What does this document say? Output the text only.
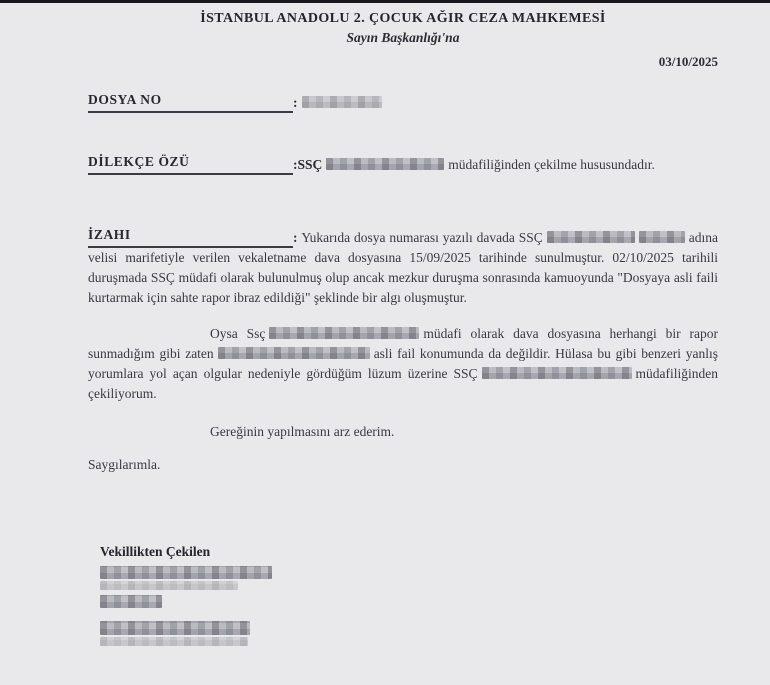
İSTANBUL ANADOLU 2. ÇOCUK AĞIR CEZA MAHKEMESİ
Sayın Başkanlığı'na
03/10/2025
DOSYA NO	:
DİLEKÇE ÖZÜ	:SSÇ	müdafiliğinden çekilme hususundadır.

İZAHI	: Yukarıda dosya numarası yazılı davada SSÇ	adına velisi marifetiyle verilen vekaletname dava dosyasına 15/09/2025 tarihinde sunulmuştur. 02/10/2025 tarihili duruşmada SSÇ müdafi olarak bulunulmuş olup ancak mezkur duruşma sonrasında kamuoyunda "Dosyaya asli faili kurtarmak için sahte rapor ibraz edildiği" şeklinde bir algı oluşmuştur.

Oysa Ssç	müdafi olarak dava dosyasına herhangi bir rapor sunmadığım gibi zaten	asli fail konumunda da değildir. Hülasa bu gibi benzeri yanlış yorumlara yol açan olgular nedeniyle gördüğüm lüzum üzerine SSÇ	müdafiliğinden çekiliyorum.

Gereğinin yapılmasını arz ederim.

Saygılarımla.

Vekillikten Çekilen
